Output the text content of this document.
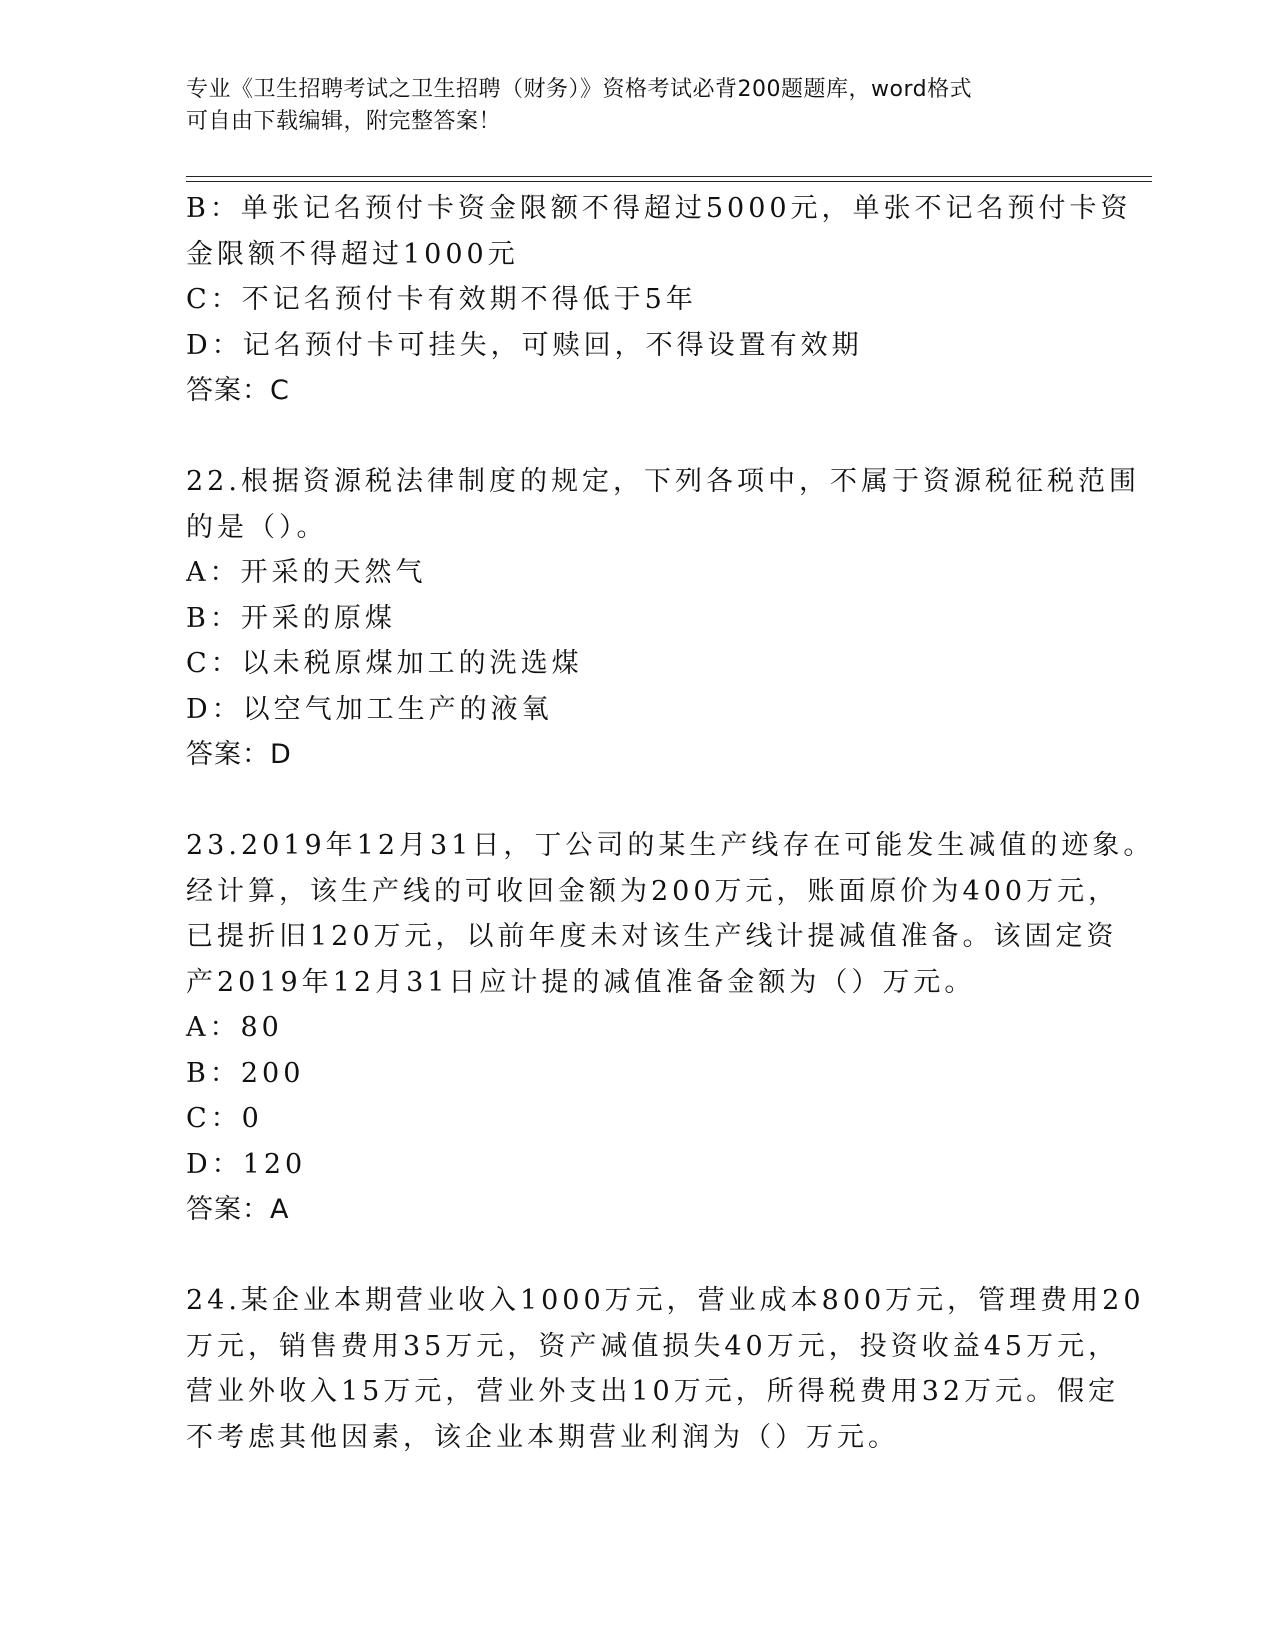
专业《卫生招聘考试之卫生招聘（财务）》资格考试必背200题题库，word格式
可自由下载编辑，附完整答案！
B：单张记名预付卡资金限额不得超过5000元，单张不记名预付卡资
金限额不得超过1000元
C：不记名预付卡有效期不得低于5年
D：记名预付卡可挂失，可赎回，不得设置有效期
答案：C
22.根据资源税法律制度的规定，下列各项中，不属于资源税征税范围
的是（）。
A：开采的天然气
B：开采的原煤
C：以未税原煤加工的洗选煤
D：以空气加工生产的液氧
答案：D
23.2019年12月31日，丁公司的某生产线存在可能发生减值的迹象。
经计算，该生产线的可收回金额为200万元，账面原价为400万元，
已提折旧120万元，以前年度未对该生产线计提减值准备。该固定资
产2019年12月31日应计提的减值准备金额为（）万元。
A：80
B：200
C：0
D：120
答案：A
24.某企业本期营业收入1000万元，营业成本800万元，管理费用20
万元，销售费用35万元，资产减值损失40万元，投资收益45万元，
营业外收入15万元，营业外支出10万元，所得税费用32万元。假定
不考虑其他因素，该企业本期营业利润为（）万元。
